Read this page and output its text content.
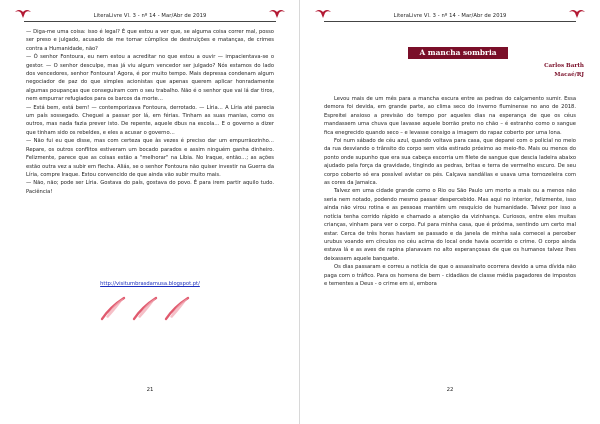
LiteraLivre Vl. 3 - nº 14 - Mar/Abr de 2019

— Diga-me uma coisa: isso é legal? É que estou a ver que, se alguma coisa correr mal, posso ser preso e julgado, acusado de me tornar cúmplice de destruições e matanças, de crimes contra a Humanidade, não?

— Ó senhor Fontoura, eu nem estou a acreditar no que estou a ouvir — impacientava-se o gestor. — O senhor desculpe, mas já viu algum vencedor ser julgado? Nós estamos do lado dos vencedores, senhor Fontoura! Agora, é por muito tempo. Mais depressa condenam algum negociador de paz do que simples acionistas que apenas querem aplicar honradamente algumas poupanças que conseguiram com o seu trabalho. Não é o senhor que vai lá dar tiros, nem empurrar refugiados para os barcos da morte…

— Está bem, está bem! — contemporizava Fontoura, derrotado. — Líria… A Líria até parecia um país sossegado. Cheguei a passar por lá, em férias. Tinham as suas manias, como os outros, mas nada fazia prever isto. De repente, aquele dbus na escola… E o governo a dizer que tinham sido os rebeldes, e eles a acusar o governo…

— Não fui eu que disse, mas com certeza que às vezes é preciso dar um empurrãozinho… Repare, os outros conflitos estiveram um bocado parados e assim ninguém ganha dinheiro. Felizmente, parece que as coisas estão a "melhorar" na Líbia. No Iraque, então…; as ações estão outra vez a subir em flecha. Aliás, se o senhor Fontoura não quiser investir na Guerra da Líria, compre Iraque. Estou convencido de que ainda vão subir muito mais.

— Não, não; pode ser Líria. Gostava do país, gostava do povo. É para irem partir aquilo tudo. Paciência!

http://visitumbrasdamusa.blogspot.pt/
21
LiteraLivre Vl. 3 - nº 14 - Mar/Abr de 2019
A mancha sombria
Carlos Barth
Macaé/RJ

Levou mais de um mês para a mancha escura entre as pedras do calçamento sumir. Essa demora foi devida, em grande parte, ao clima seco do inverno fluminense no ano de 2018. Espreitei ansioso a previsão do tempo por aqueles dias na esperança de que os céus mandassem uma chuva que lavasse aquele borrão preto no chão – é estranho como o sangue fica enegrecido quando seco – e levasse consigo a imagem do rapaz coberto por uma lona.

Foi num sábado de céu azul, quando voltava para casa, que deparei com o policial no meio da rua desviando o trânsito do corpo sem vida estirado próximo ao meio-fio. Mais ou menos do ponto onde supunho que era sua cabeça escorria um filete de sangue que descia ladeira abaixo ajudado pela força da gravidade, tingindo as pedras, britas e terra de vermelho escuro. De seu corpo coberto só era possível avistar os pés. Calçava sandálias e usava uma tornozeleira com as cores da Jamaica.

Talvez em uma cidade grande como o Rio ou São Paulo um morto a mais ou a menos não seria nem notado, podendo mesmo passar despercebido. Mas aqui no interior, felizmente, isso ainda não virou rotina e as pessoas mantêm um resquício de humanidade. Talvez por isso a notícia tenha corrido rápido e chamado a atenção da vizinhança. Curiosos, entre eles muitas crianças, vinham para ver o corpo. Fui para minha casa, que é próxima, sentindo um certo mal estar. Cerca de três horas haviam se passado e da janela de minha sala comecei a perceber urubus voando em círculos no céu acima do local onde havia ocorrido o crime. O corpo ainda estava lá e as aves de rapina planavam no alto esperançosas de que os humanos talvez lhes deixassem aquele banquete.

Os dias passaram e correu a notícia de que o assassinato ocorrera devido a uma dívida não paga com o tráfico. Para os homens de bem - cidadãos de classe média pagadores de impostos e tementes a Deus - o crime em si, embora

22
